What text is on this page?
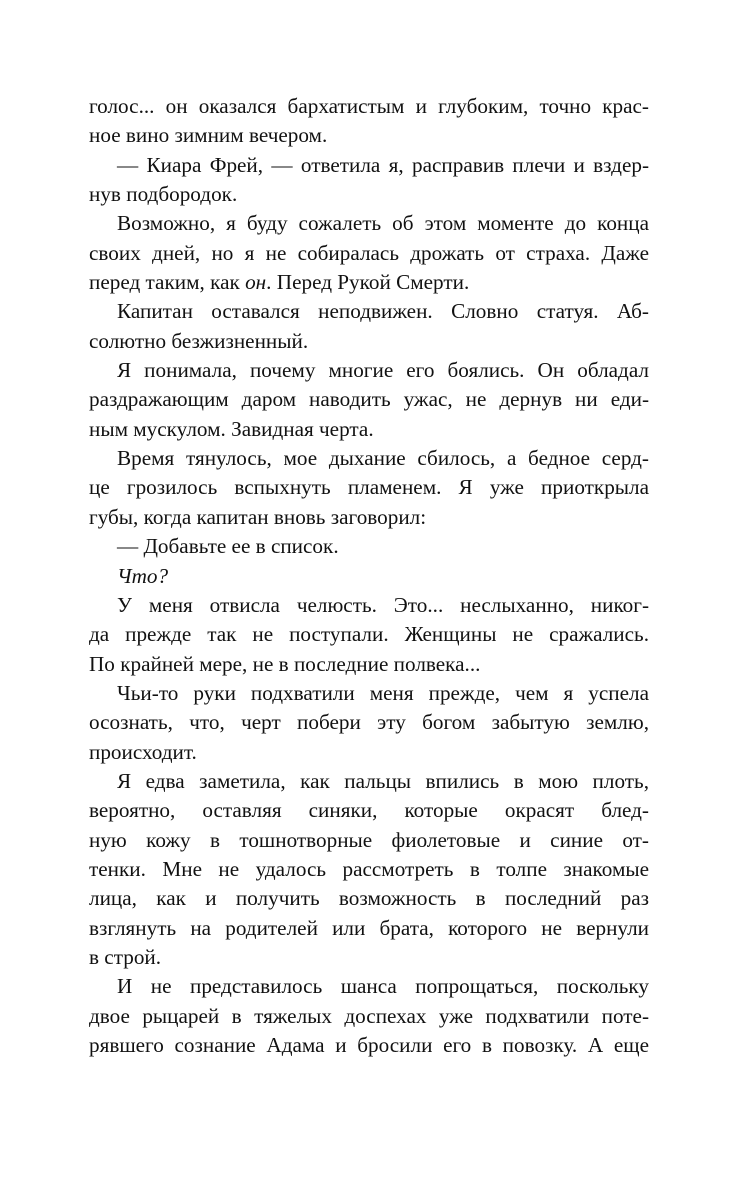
голос... он оказался бархатистым и глубоким, точно крас-
ное вино зимним вечером.
— Киара Фрей, — ответила я, расправив плечи и вздер-
нув подбородок.
Возможно, я буду сожалеть об этом моменте до конца
своих дней, но я не собиралась дрожать от страха. Даже
перед таким, как он. Перед Рукой Смерти.
Капитан оставался неподвижен. Словно статуя. Аб-
солютно безжизненный.
Я понимала, почему многие его боялись. Он обладал
раздражающим даром наводить ужас, не дернув ни еди-
ным мускулом. Завидная черта.
Время тянулось, мое дыхание сбилось, а бедное серд-
це грозилось вспыхнуть пламенем. Я уже приоткрыла
губы, когда капитан вновь заговорил:
— Добавьте ее в список.
Что?
У меня отвисла челюсть. Это... неслыханно, никог-
да прежде так не поступали. Женщины не сражались.
По крайней мере, не в последние полвека...
Чьи-то руки подхватили меня прежде, чем я успела
осознать, что, черт побери эту богом забытую землю,
происходит.
Я едва заметила, как пальцы впились в мою плоть,
вероятно, оставляя синяки, которые окрасят блед-
ную кожу в тошнотворные фиолетовые и синие от-
тенки. Мне не удалось рассмотреть в толпе знакомые
лица, как и получить возможность в последний раз
взглянуть на родителей или брата, которого не вернули
в строй.
И не представилось шанса попрощаться, поскольку
двое рыцарей в тяжелых доспехах уже подхватили поте-
рявшего сознание Адама и бросили его в повозку. А еще
